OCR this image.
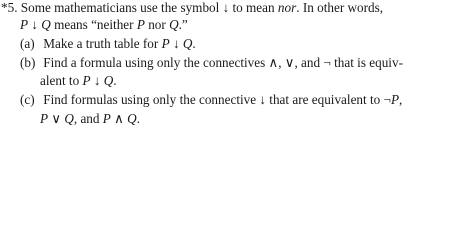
*5. Some mathematicians use the symbol ↓ to mean nor. In other words,
P ↓ Q means “neither P nor Q.”
(a) Make a truth table for P ↓ Q.
(b) Find a formula using only the connectives ∧, ∨, and ¬ that is equiv-
alent to P ↓ Q.
(c) Find formulas using only the connective ↓ that are equivalent to ¬P,
P ∨ Q, and P ∧ Q.
